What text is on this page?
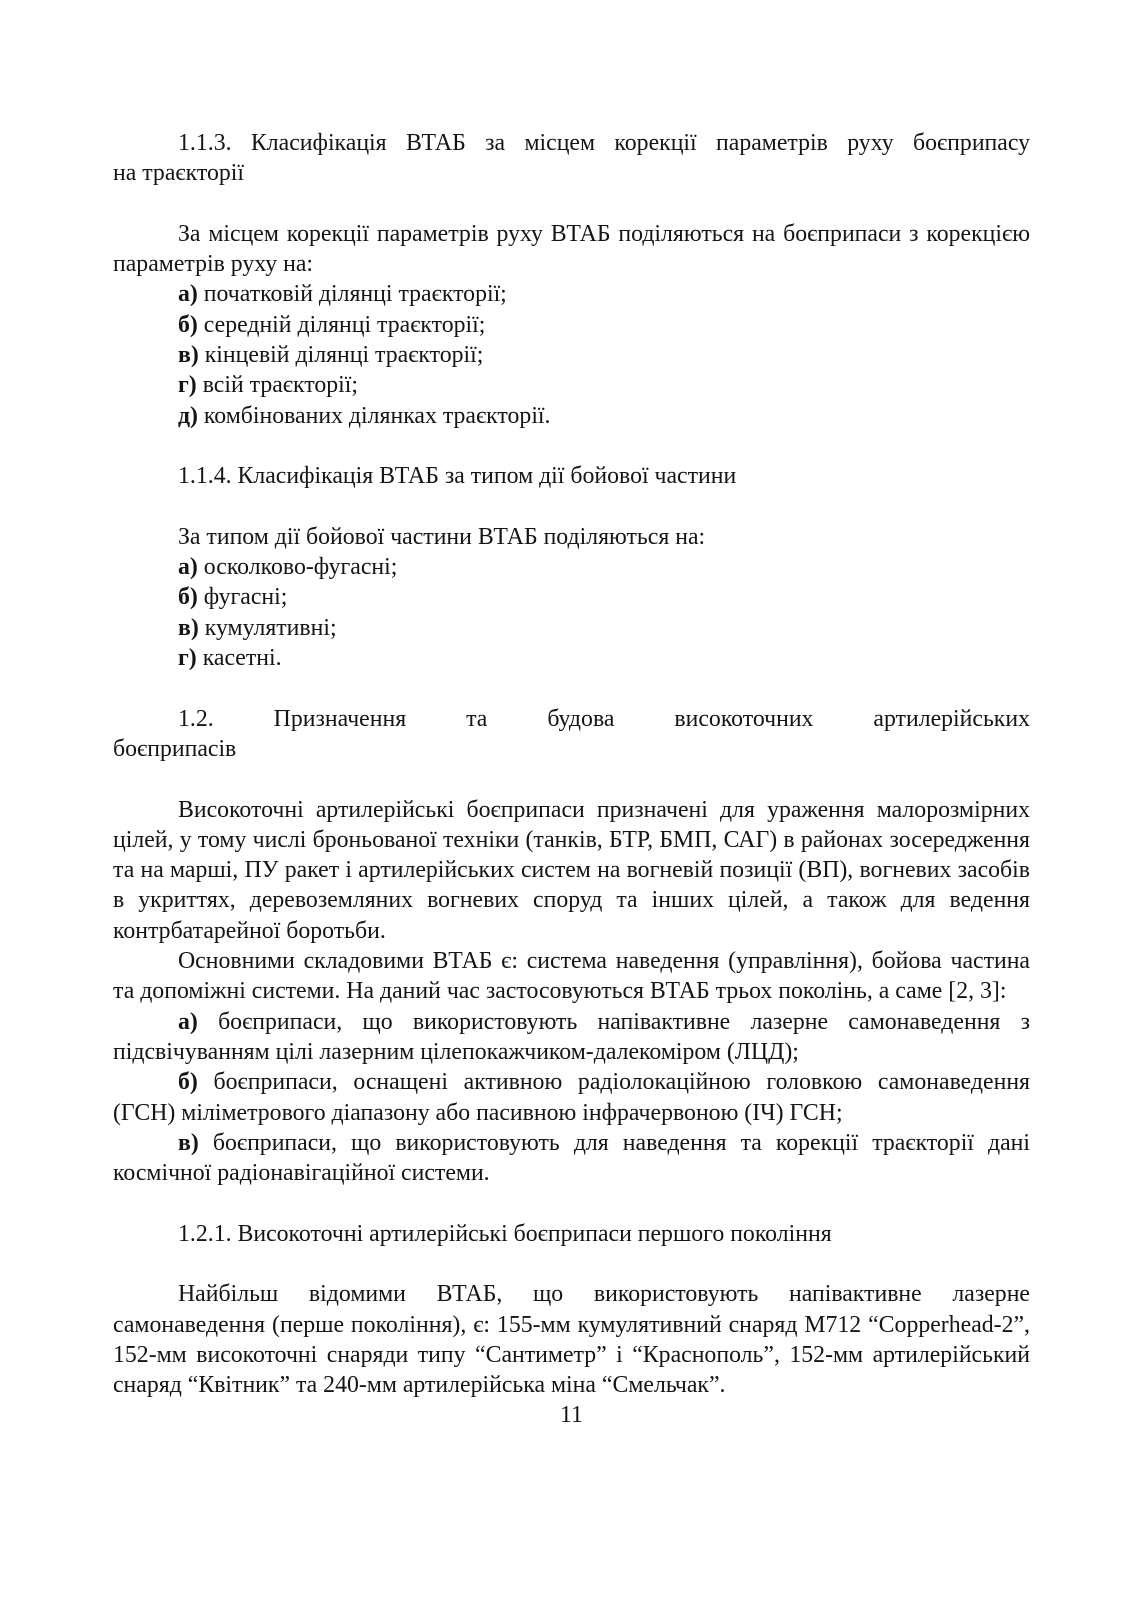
1.1.3. Класифікація ВТАБ за місцем корекції параметрів руху боєприпасу
на траєкторії

За місцем корекції параметрів руху ВТАБ поділяються на боєприпаси з корекцією параметрів руху на:

а) початковій ділянці траєкторії;

б) середній ділянці траєкторії;

в) кінцевій ділянці траєкторії;

г) всій траєкторії;

д) комбінованих ділянках траєкторії.

1.1.4. Класифікація ВТАБ за типом дії бойової частини

За типом дії бойової частини ВТАБ поділяються на:

а) осколково-фугасні;

б) фугасні;

в) кумулятивні;

г) касетні.

1.2. Призначення та будова високоточних артилерійських
боєприпасів

Високоточні артилерійські боєприпаси призначені для ураження малорозмірних цілей, у тому числі броньованої техніки (танків, БТР, БМП, САГ) в районах зосередження та на марші, ПУ ракет і артилерійських систем на вогневій позиції (ВП), вогневих засобів в укриттях, деревоземляних вогневих споруд та інших цілей, а також для ведення контрбатарейної боротьби.

Основними складовими ВТАБ є: система наведення (управління), бойова частина та допоміжні системи. На даний час застосовуються ВТАБ трьох поколінь, а саме [2, 3]:

а) боєприпаси, що використовують напівактивне лазерне самонаведення з підсвічуванням цілі лазерним цілепокажчиком-далекоміром (ЛЦД);

б) боєприпаси, оснащені активною радіолокаційною головкою самонаведення (ГСН) міліметрового діапазону або пасивною інфрачервоною (ІЧ) ГСН;

в) боєприпаси, що використовують для наведення та корекції траєкторії дані космічної радіонавігаційної системи.

1.2.1. Високоточні артилерійські боєприпаси першого покоління

Найбільш відомими ВТАБ, що використовують напівактивне лазерне самонаведення (перше покоління), є: 155-мм кумулятивний снаряд М712 “Copperhead-2”, 152-мм високоточні снаряди типу “Сантиметр” і “Краснополь”, 152-мм артилерійський снаряд “Квітник” та 240-мм артилерійська міна “Смельчак”.

11
